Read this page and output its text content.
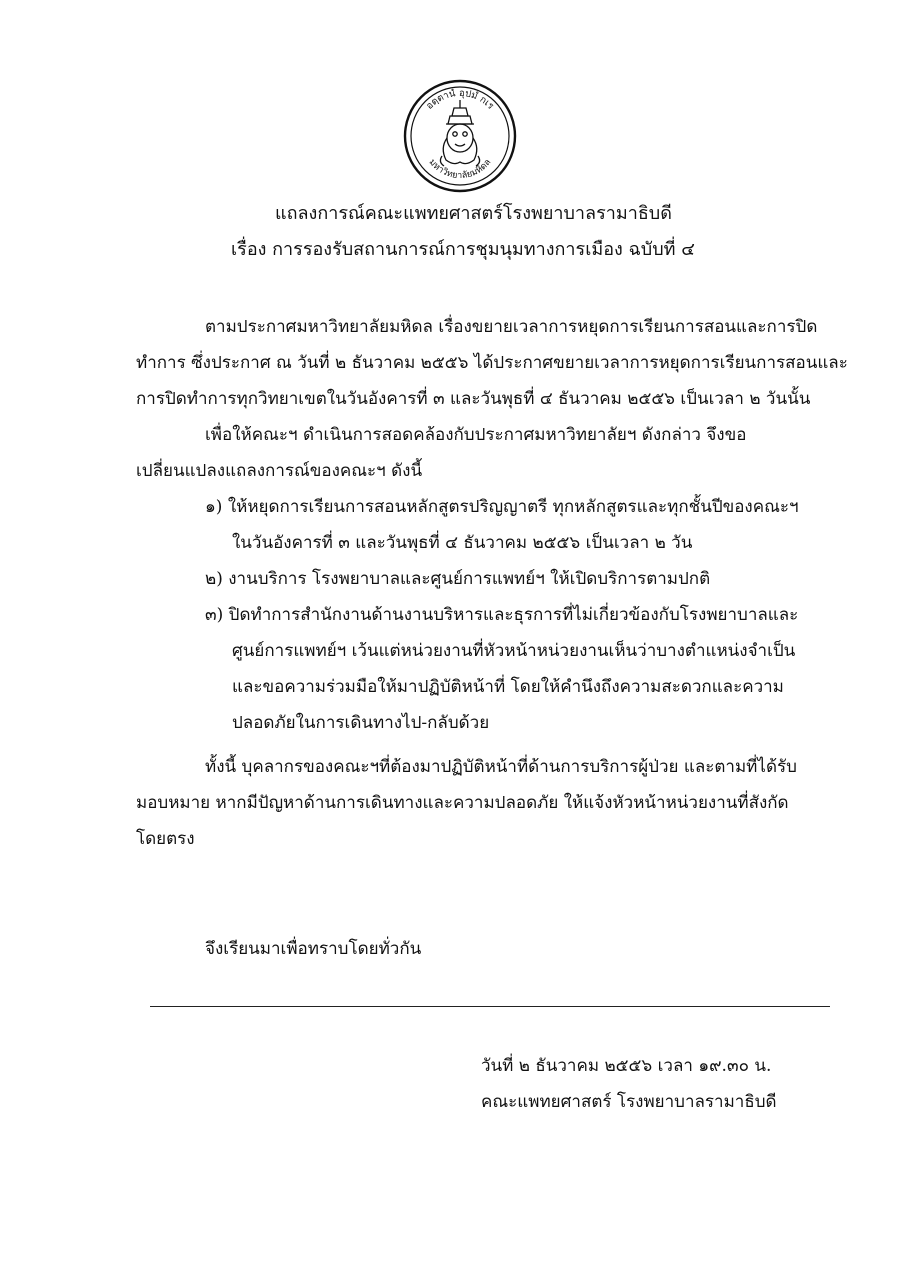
อตฺตานํ อุปมํ กเร
มหาวิทยาลัยมหิดล
แถลงการณ์คณะแพทยศาสตร์โรงพยาบาลรามาธิบดี
เรื่อง การรองรับสถานการณ์การชุมนุมทางการเมือง ฉบับที่ ๔
ตามประกาศมหาวิทยาลัยมหิดล เรื่องขยายเวลาการหยุดการเรียนการสอนและการปิด
ทำการ ซึ่งประกาศ ณ วันที่ ๒ ธันวาคม ๒๕๕๖ ได้ประกาศขยายเวลาการหยุดการเรียนการสอนและ
การปิดทำการทุกวิทยาเขตในวันอังคารที่ ๓ และวันพุธที่ ๔ ธันวาคม ๒๕๕๖ เป็นเวลา ๒ วันนั้น
เพื่อให้คณะฯ ดำเนินการสอดคล้องกับประกาศมหาวิทยาลัยฯ ดังกล่าว จึงขอ
เปลี่ยนแปลงแถลงการณ์ของคณะฯ ดังนี้
๑) ให้หยุดการเรียนการสอนหลักสูตรปริญญาตรี ทุกหลักสูตรและทุกชั้นปีของคณะฯ
ในวันอังคารที่ ๓ และวันพุธที่ ๔ ธันวาคม ๒๕๕๖ เป็นเวลา ๒ วัน
๒) งานบริการ โรงพยาบาลและศูนย์การแพทย์ฯ ให้เปิดบริการตามปกติ
๓) ปิดทำการสำนักงานด้านงานบริหารและธุรการที่ไม่เกี่ยวข้องกับโรงพยาบาลและ
ศูนย์การแพทย์ฯ เว้นแต่หน่วยงานที่หัวหน้าหน่วยงานเห็นว่าบางตำแหน่งจำเป็น
และขอความร่วมมือให้มาปฏิบัติหน้าที่ โดยให้คำนึงถึงความสะดวกและความ
ปลอดภัยในการเดินทางไป-กลับด้วย
ทั้งนี้ บุคลากรของคณะฯที่ต้องมาปฏิบัติหน้าที่ด้านการบริการผู้ป่วย และตามที่ได้รับ
มอบหมาย หากมีปัญหาด้านการเดินทางและความปลอดภัย ให้แจ้งหัวหน้าหน่วยงานที่สังกัด
โดยตรง
จึงเรียนมาเพื่อทราบโดยทั่วกัน
วันที่ ๒ ธันวาคม ๒๕๕๖ เวลา ๑๙.๓๐ น.
คณะแพทยศาสตร์ โรงพยาบาลรามาธิบดี
